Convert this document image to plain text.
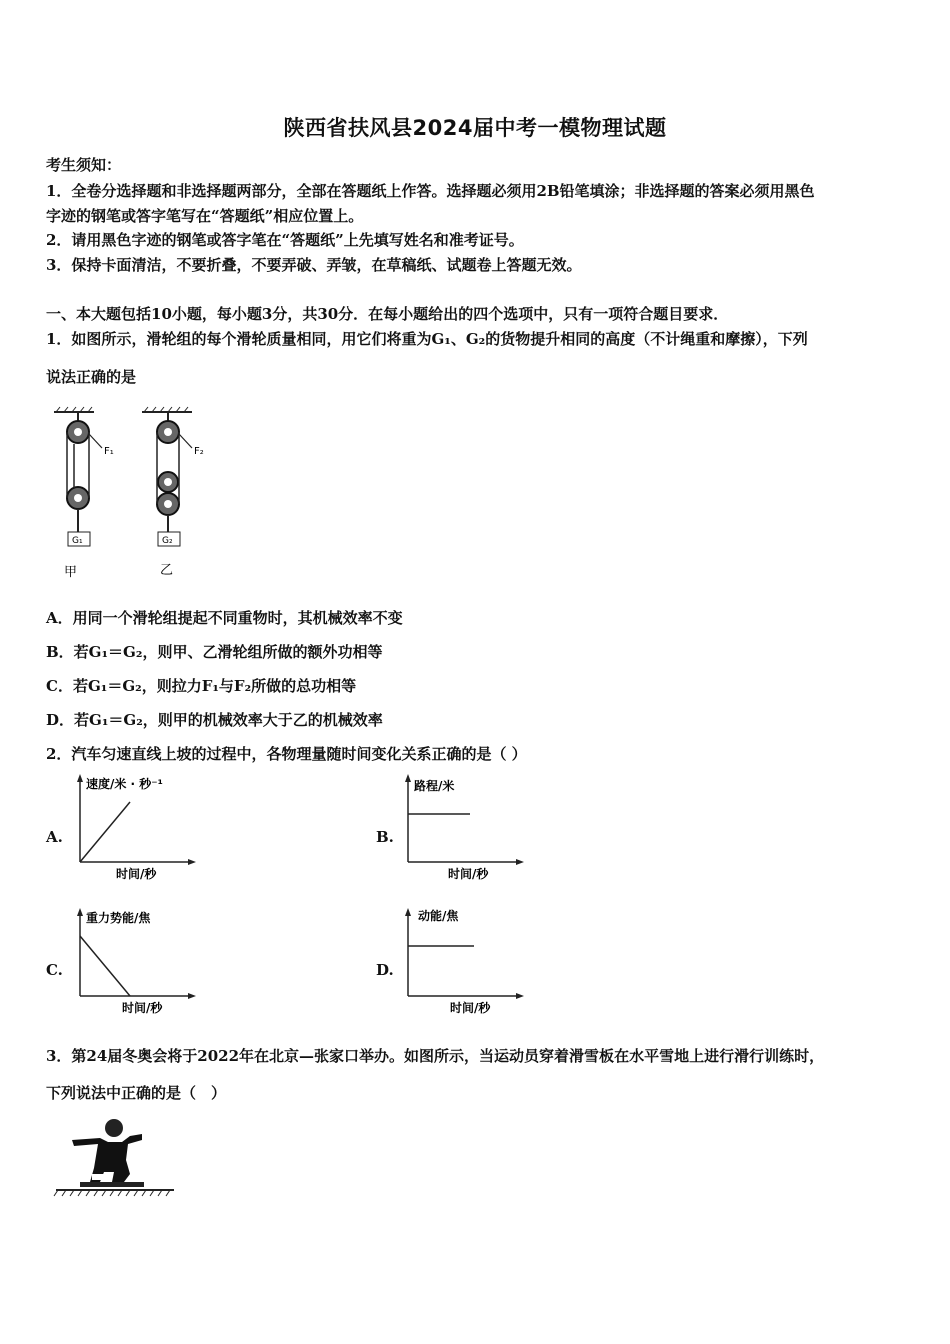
陕西省扶风县2024届中考一模物理试题
考生须知：
1．全卷分选择题和非选择题两部分，全部在答题纸上作答。选择题必须用2B铅笔填涂；非选择题的答案必须用黑色
字迹的钢笔或答字笔写在“答题纸”相应位置上。
2．请用黑色字迹的钢笔或答字笔在“答题纸”上先填写姓名和准考证号。
3．保持卡面清洁，不要折叠，不要弄破、弄皱，在草稿纸、试题卷上答题无效。
一、本大题包括10小题，每小题3分，共30分．在每小题给出的四个选项中，只有一项符合题目要求．
1．如图所示，滑轮组的每个滑轮质量相同，用它们将重为G₁、G₂的货物提升相同的高度（不计绳重和摩擦），下列
说法正确的是
F₁
G₁
甲
F₂
G₂
乙
A．用同一个滑轮组提起不同重物时，其机械效率不变
B．若G₁＝G₂，则甲、乙滑轮组所做的额外功相等
C．若G₁＝G₂，则拉力F₁与F₂所做的总功相等
D．若G₁＝G₂，则甲的机械效率大于乙的机械效率
2．汽车匀速直线上坡的过程中，各物理量随时间变化关系正确的是（ ）
A.
速度/米 · 秒⁻¹
时间/秒
B.
路程/米
时间/秒
C.
重力势能/焦
时间/秒
D.
动能/焦
时间/秒
3．第24届冬奥会将于2022年在北京—张家口举办。如图所示，当运动员穿着滑雪板在水平雪地上进行滑行训练时，
下列说法中正确的是（　）
